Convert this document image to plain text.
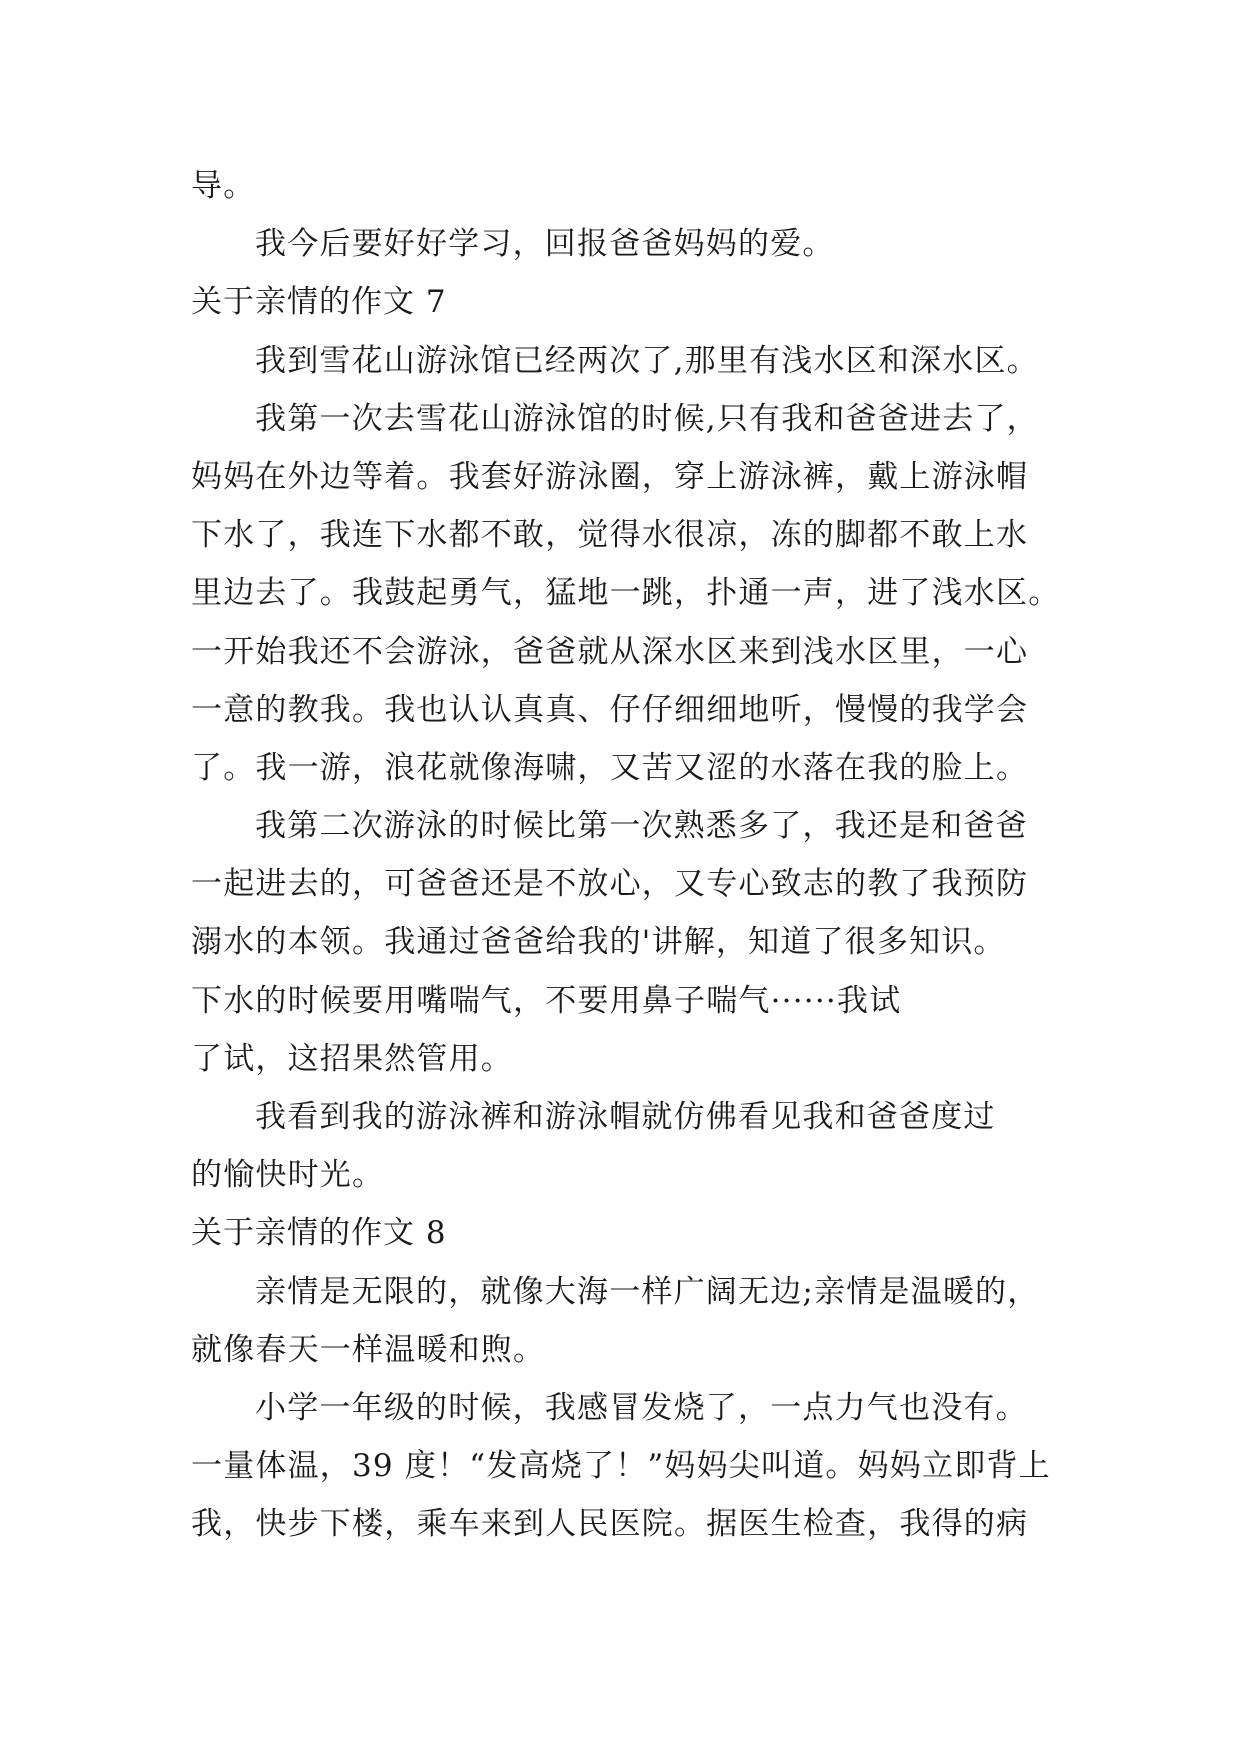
导。
我今后要好好学习，回报爸爸妈妈的爱。
关于亲情的作文 7
我到雪花山游泳馆已经两次了,那里有浅水区和深水区。
我第一次去雪花山游泳馆的时候,只有我和爸爸进去了，
妈妈在外边等着。我套好游泳圈，穿上游泳裤，戴上游泳帽
下水了，我连下水都不敢，觉得水很凉，冻的脚都不敢上水
里边去了。我鼓起勇气，猛地一跳，扑通一声，进了浅水区。
一开始我还不会游泳，爸爸就从深水区来到浅水区里，一心
一意的教我。我也认认真真、仔仔细细地听，慢慢的我学会
了。我一游，浪花就像海啸，又苦又涩的水落在我的脸上。
我第二次游泳的时候比第一次熟悉多了，我还是和爸爸
一起进去的，可爸爸还是不放心，又专心致志的教了我预防
溺水的本领。我通过爸爸给我的'讲解，知道了很多知识。
下水的时候要用嘴喘气，不要用鼻子喘气······我试
了试，这招果然管用。
我看到我的游泳裤和游泳帽就仿佛看见我和爸爸度过
的愉快时光。
关于亲情的作文 8
亲情是无限的，就像大海一样广阔无边;亲情是温暖的，
就像春天一样温暖和煦。
小学一年级的时候，我感冒发烧了，一点力气也没有。
一量体温，39 度！“发高烧了！”妈妈尖叫道。妈妈立即背上
我，快步下楼，乘车来到人民医院。据医生检查，我得的病
